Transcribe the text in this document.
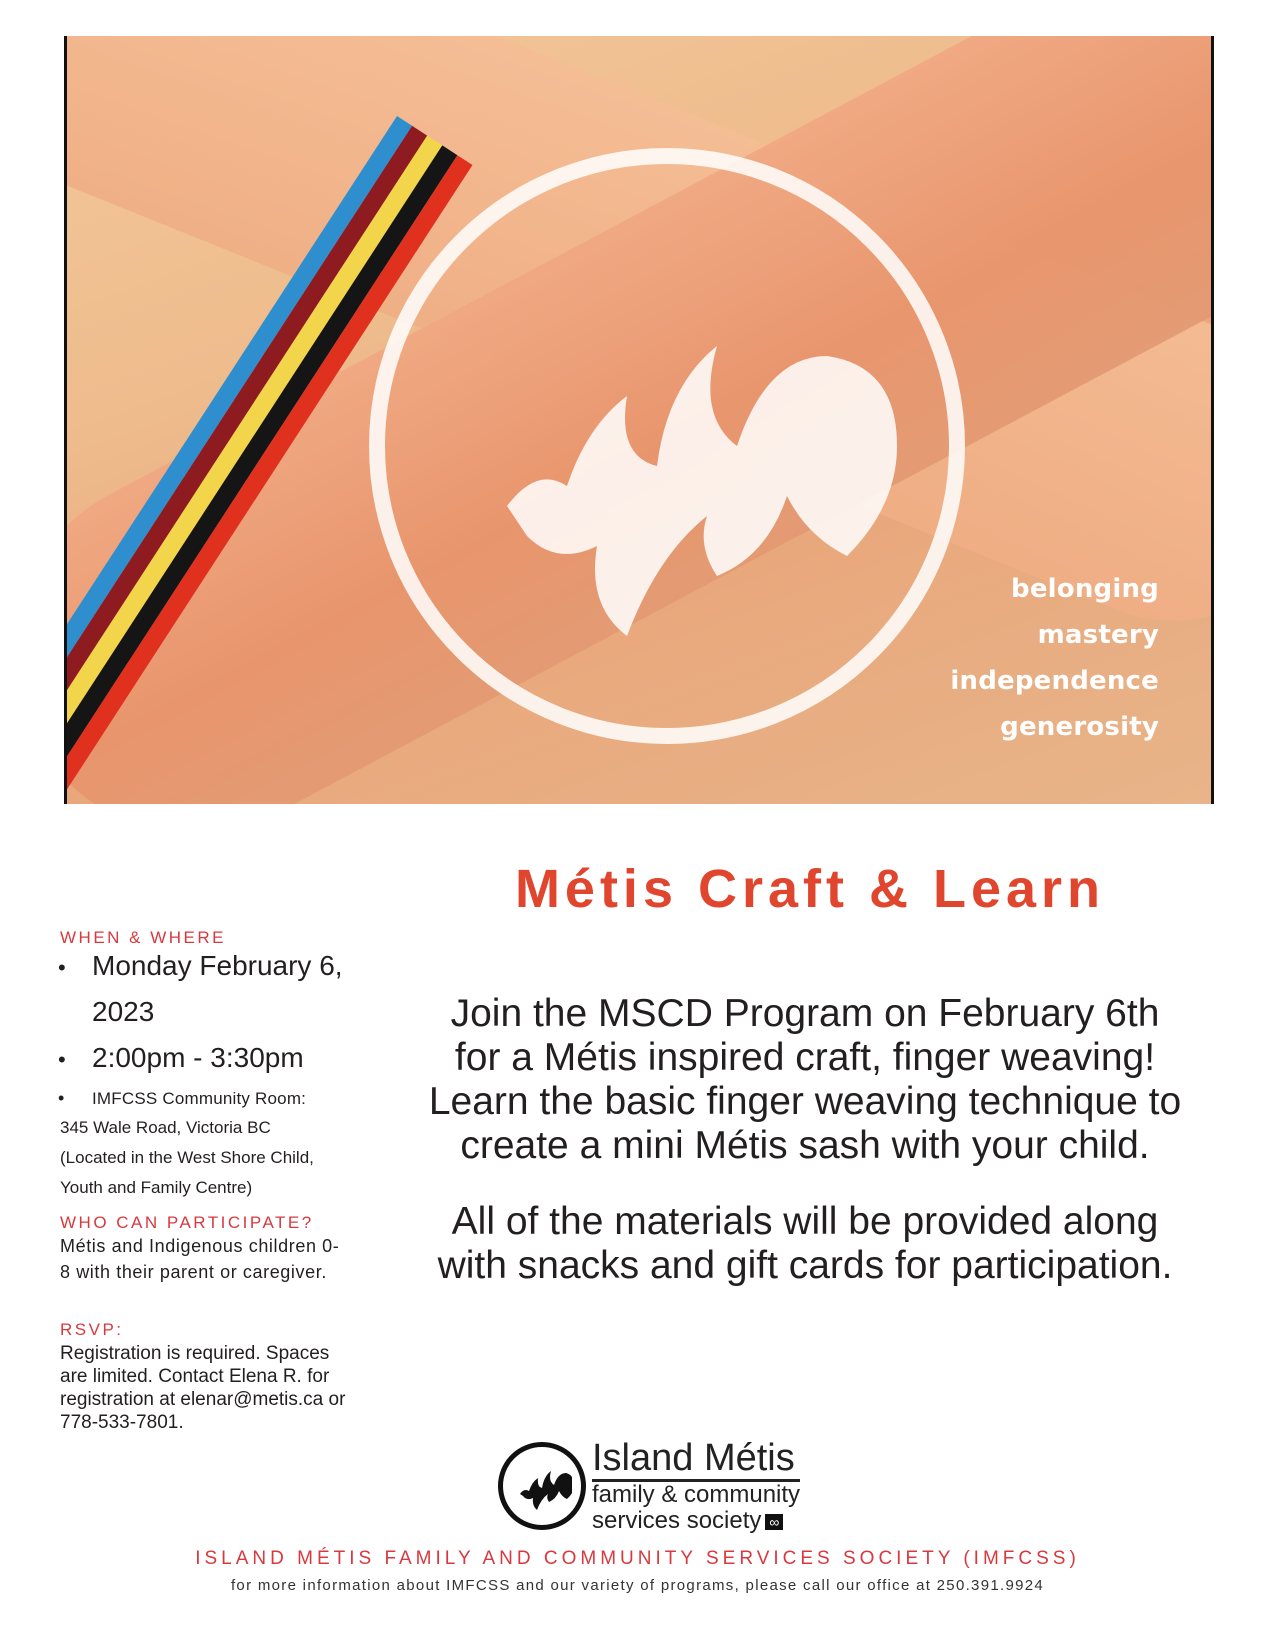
belonging
mastery
independence
generosity
Métis Craft & Learn
WHEN & WHERE
• Monday February 6,
2023
• 2:00pm - 3:30pm
•	IMFCSS Community Room:
345 Wale Road, Victoria BC
(Located in the West Shore Child,
Youth and Family Centre)
WHO CAN PARTICIPATE?
Métis and Indigenous children 0-
8 with their parent or caregiver.
RSVP:
Registration is required. Spaces
are limited. Contact Elena R. for
registration at elenar@metis.ca or
778-533-7801.

Join the MSCD Program on February 6th

for a Métis inspired craft, finger weaving!

Learn the basic finger weaving technique to

create a mini Métis sash with your child.

All of the materials will be provided along

with snacks and gift cards for participation.

Island Métis
family & community
services society ∞
ISLAND MÉTIS FAMILY AND COMMUNITY SERVICES SOCIETY (IMFCSS)
for more information about IMFCSS and our variety of programs, please call our office at 250.391.9924
